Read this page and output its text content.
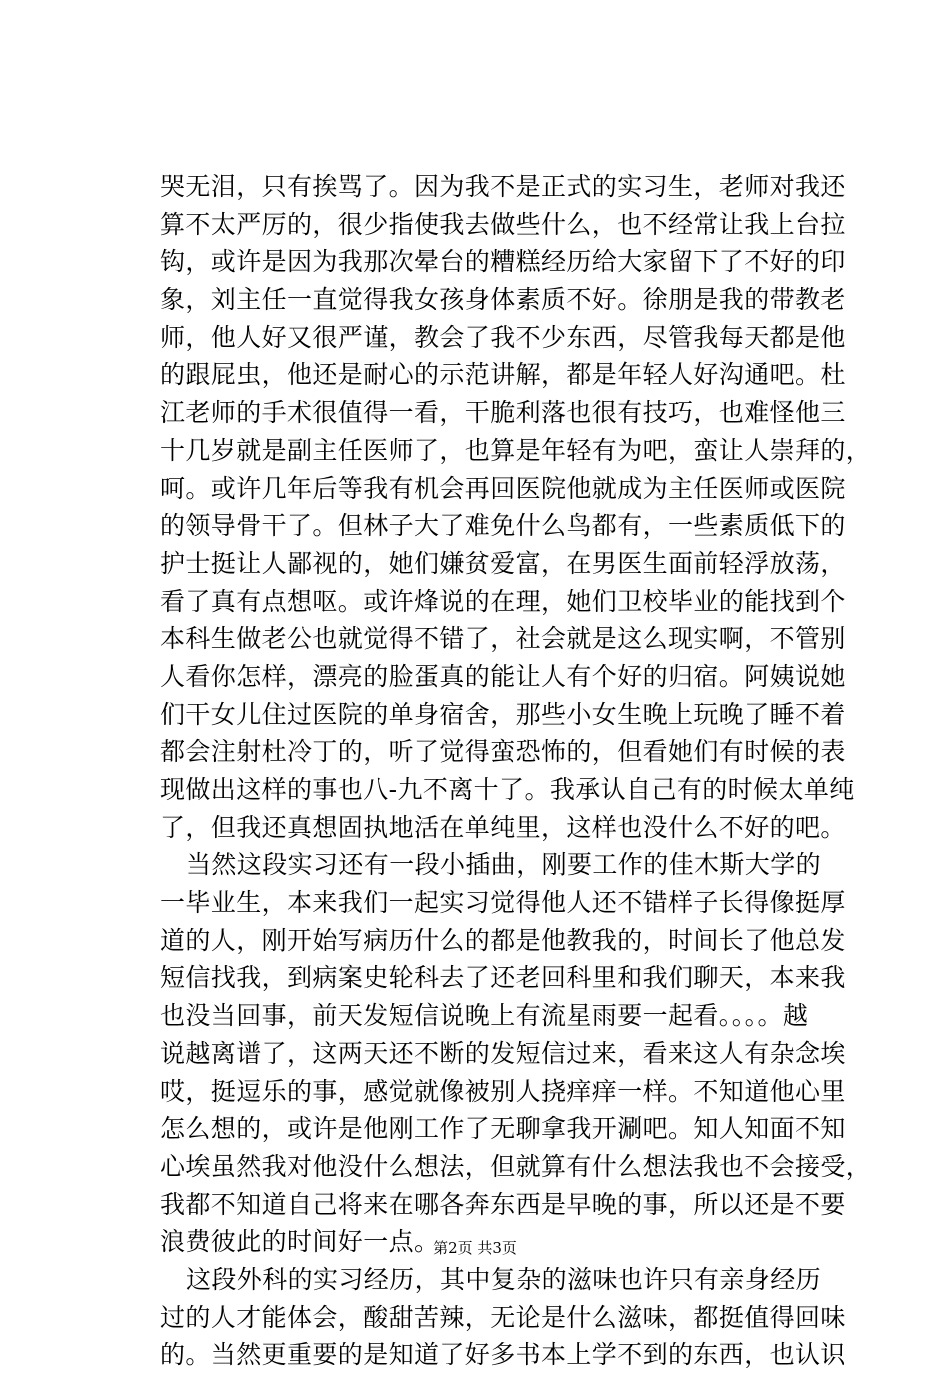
哭无泪，只有挨骂了。因为我不是正式的实习生，老师对我还
算不太严厉的，很少指使我去做些什么，也不经常让我上台拉
钩，或许是因为我那次晕台的糟糕经历给大家留下了不好的印
象，刘主任一直觉得我女孩身体素质不好。徐朋是我的带教老
师，他人好又很严谨，教会了我不少东西，尽管我每天都是他
的跟屁虫，他还是耐心的示范讲解，都是年轻人好沟通吧。杜
江老师的手术很值得一看，干脆利落也很有技巧，也难怪他三
十几岁就是副主任医师了，也算是年轻有为吧，蛮让人崇拜的，
呵。或许几年后等我有机会再回医院他就成为主任医师或医院
的领导骨干了。但林子大了难免什么鸟都有，一些素质低下的
护士挺让人鄙视的，她们嫌贫爱富，在男医生面前轻浮放荡，
看了真有点想呕。或许烽说的在理，她们卫校毕业的能找到个
本科生做老公也就觉得不错了，社会就是这么现实啊，不管别
人看你怎样，漂亮的脸蛋真的能让人有个好的归宿。阿姨说她
们干女儿住过医院的单身宿舍，那些小女生晚上玩晚了睡不着
都会注射杜冷丁的，听了觉得蛮恐怖的，但看她们有时候的表
现做出这样的事也八-九不离十了。我承认自己有的时候太单纯
了，但我还真想固执地活在单纯里，这样也没什么不好的吧。
当然这段实习还有一段小插曲，刚要工作的佳木斯大学的
一毕业生，本来我们一起实习觉得他人还不错样子长得像挺厚
道的人，刚开始写病历什么的都是他教我的，时间长了他总发
短信找我，到病案史轮科去了还老回科里和我们聊天，本来我
也没当回事，前天发短信说晚上有流星雨要一起看。。。。越
说越离谱了，这两天还不断的发短信过来，看来这人有杂念埃
哎，挺逗乐的事，感觉就像被别人挠痒痒一样。不知道他心里
怎么想的，或许是他刚工作了无聊拿我开涮吧。知人知面不知
心埃虽然我对他没什么想法，但就算有什么想法我也不会接受，
我都不知道自己将来在哪各奔东西是早晚的事，所以还是不要
浪费彼此的时间好一点。
这段外科的实习经历，其中复杂的滋味也许只有亲身经历
过的人才能体会，酸甜苦辣，无论是什么滋味，都挺值得回味
的。当然更重要的是知道了好多书本上学不到的东西，也认识
第2页 共3页
